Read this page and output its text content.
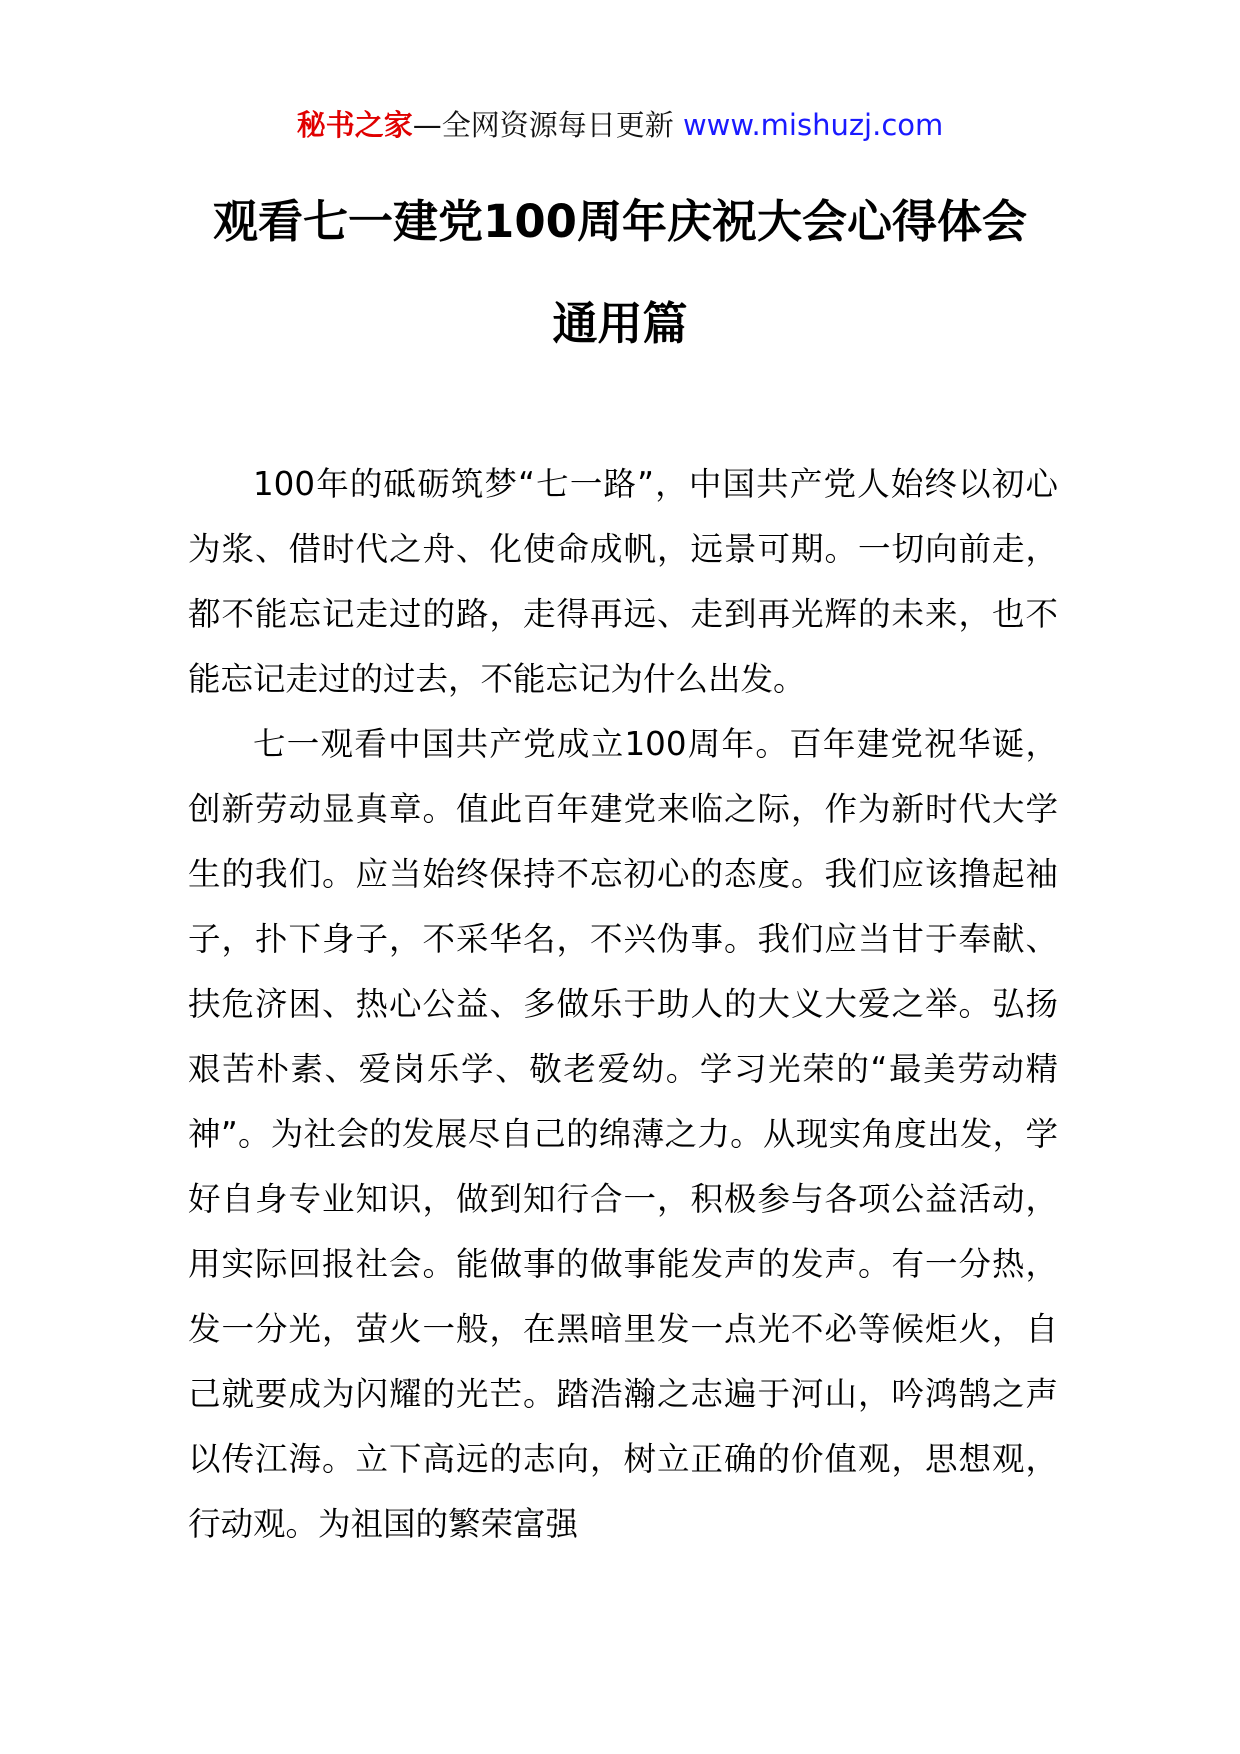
秘书之家—全网资源每日更新 www.mishuzj.com
观看七一建党100周年庆祝大会心得体会
通用篇

100年的砥砺筑梦“七一路”，中国共产党人始终以初心为浆、借时代之舟、化使命成帆，远景可期。一切向前走，都不能忘记走过的路，走得再远、走到再光辉的未来，也不能忘记走过的过去，不能忘记为什么出发。

七一观看中国共产党成立100周年。百年建党祝华诞，创新劳动显真章。值此百年建党来临之际，作为新时代大学生的我们。应当始终保持不忘初心的态度。我们应该撸起袖子，扑下身子，不采华名，不兴伪事。我们应当甘于奉献、扶危济困、热心公益、多做乐于助人的大义大爱之举。弘扬艰苦朴素、爱岗乐学、敬老爱幼。学习光荣的“最美劳动精神”。为社会的发展尽自己的绵薄之力。从现实角度出发，学好自身专业知识，做到知行合一，积极参与各项公益活动，用实际回报社会。能做事的做事能发声的发声。有一分热，发一分光，萤火一般，在黑暗里发一点光不必等候炬火，自己就要成为闪耀的光芒。踏浩瀚之志遍于河山，吟鸿鹄之声以传江海。立下高远的志向，树立正确的价值观，思想观，行动观。为祖国的繁荣富强
